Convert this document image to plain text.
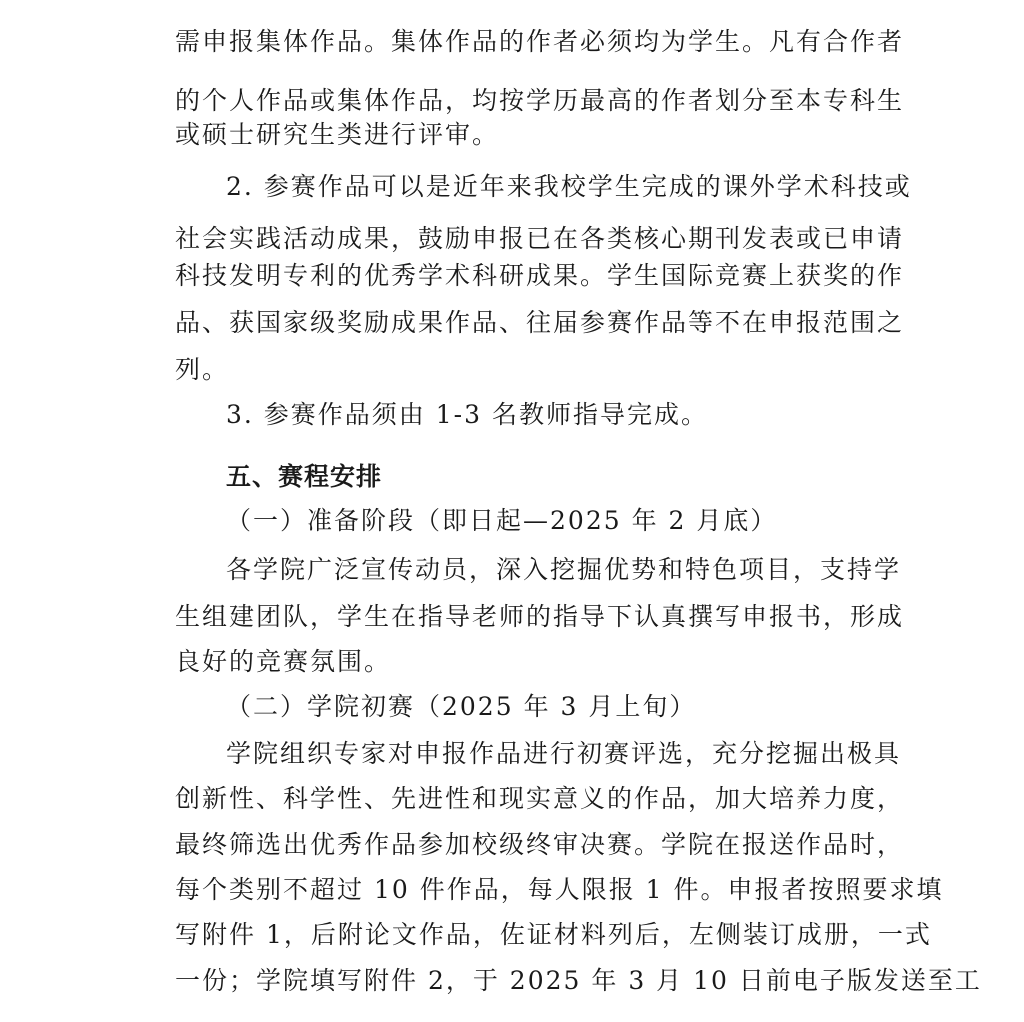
需申报集体作品。集体作品的作者必须均为学生。凡有合作者
的个人作品或集体作品，均按学历最高的作者划分至本专科生
或硕士研究生类进行评审。
2. 参赛作品可以是近年来我校学生完成的课外学术科技或
社会实践活动成果，鼓励申报已在各类核心期刊发表或已申请
科技发明专利的优秀学术科研成果。学生国际竞赛上获奖的作
品、获国家级奖励成果作品、往届参赛作品等不在申报范围之
列。
3. 参赛作品须由 1-3 名教师指导完成。
五、赛程安排
（一）准备阶段（即日起—2025 年 2 月底）
各学院广泛宣传动员，深入挖掘优势和特色项目，支持学
生组建团队，学生在指导老师的指导下认真撰写申报书，形成
良好的竞赛氛围。
（二）学院初赛（2025 年 3 月上旬）
学院组织专家对申报作品进行初赛评选，充分挖掘出极具
创新性、科学性、先进性和现实意义的作品，加大培养力度，
最终筛选出优秀作品参加校级终审决赛。学院在报送作品时，
每个类别不超过 10 件作品，每人限报 1 件。申报者按照要求填
写附件 1，后附论文作品，佐证材料列后，左侧装订成册，一式
一份；学院填写附件 2，于 2025 年 3 月 10 日前电子版发送至工
